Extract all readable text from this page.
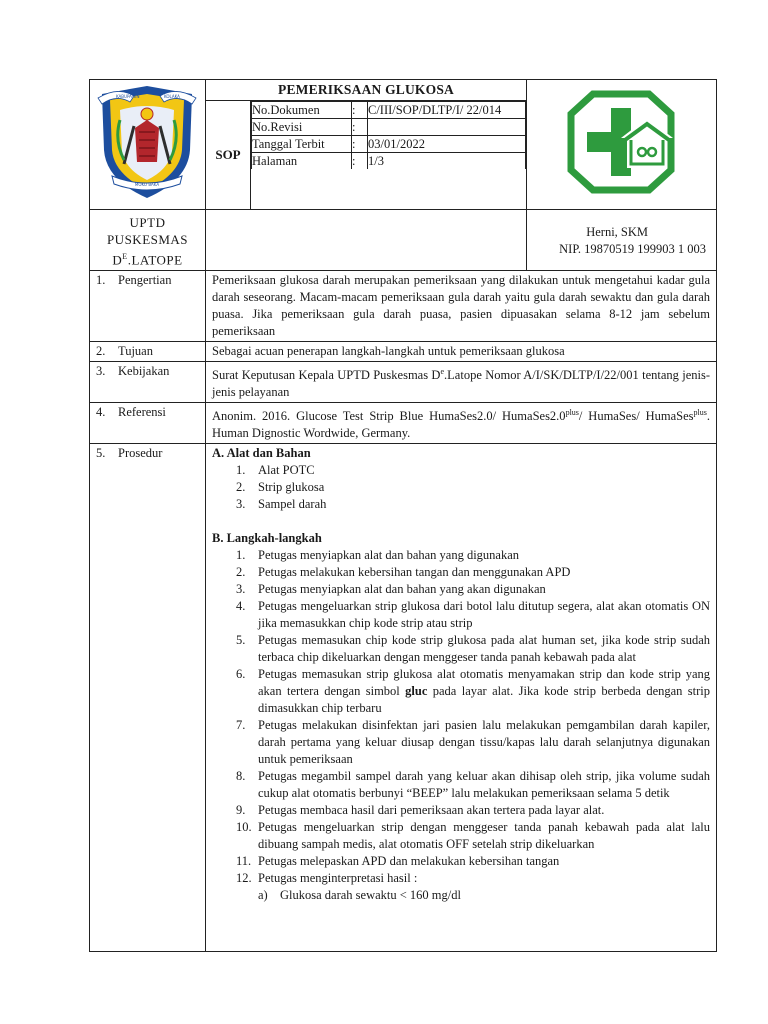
KABUPATEN	KOLAKA
MOKO BAKA
	PEMERIKSAAN GLUKOSA	
SOP	
No.Dokumen	:	C/III/SOP/DLTP/I/ 22/014
No.Revisi	:	
Tanggal Terbit	:	03/01/2022
Halaman	:	1/3

UPTD
PUSKESMAS
$D^E.LATOPE$

Herni, SKM
NIP. 19870519 199903 1 003

1. Pengertian	Pemeriksaan glukosa darah merupakan pemeriksaan yang dilakukan untuk mengetahui kadar gula darah seseorang. Macam-macam pemeriksaan gula darah yaitu gula darah sewaktu dan gula darah puasa. Jika pemeriksaan gula darah puasa, pasien dipuasakan selama 8-12 jam sebelum pemeriksaan
2. Tujuan	Sebagai acuan penerapan langkah-langkah untuk pemeriksaan glukosa
3. Kebijakan	Surat Keputusan Kepala UPTD Puskesmas De.Latope Nomor A/I/SK/DLTP/I/22/001 tentang jenis-jenis pelayanan
4. Referensi	Anonim. 2016. Glucose Test Strip Blue HumaSes2.0/ $HumaSes2.0^{plus}/$ HumaSes/ HumaSes$^{plus}$. Human Dignostic Wordwide, Germany.
5. Prosedur	A. Alat dan Bahan
1.	Alat POTC
2.	Strip glukosa
3.	Sampel darah
B. Langkah-langkah
1.	Petugas menyiapkan alat dan bahan yang digunakan
2.	Petugas melakukan kebersihan tangan dan menggunakan APD
3.	Petugas menyiapkan alat dan bahan yang akan digunakan
4.	Petugas mengeluarkan strip glukosa dari botol lalu ditutup segera, alat akan otomatis ON jika memasukkan chip kode strip atau strip
5.	Petugas memasukan chip kode strip glukosa pada alat human set, jika kode strip sudah terbaca chip dikeluarkan dengan menggeser tanda panah kebawah pada alat
6.	Petugas memasukan strip glukosa alat otomatis menyamakan strip dan kode strip yang akan tertera dengan simbol gluc pada layar alat. Jika kode strip berbeda dengan strip dimasukkan chip terbaru
7.	Petugas melakukan disinfektan jari pasien lalu melakukan pemgambilan darah kapiler, darah pertama yang keluar diusap dengan tissu/kapas lalu darah selanjutnya digunakan untuk pemeriksaan
8.	Petugas megambil sampel darah yang keluar akan dihisap oleh strip, jika volume sudah cukup alat otomatis berbunyi “BEEP” lalu melakukan pemeriksaan selama 5 detik
9.	Petugas membaca hasil dari pemeriksaan akan tertera pada layar alat.
10. Petugas mengeluarkan strip dengan menggeser tanda panah kebawah pada alat lalu dibuang sampah medis, alat otomatis OFF setelah strip dikeluarkan
11. Petugas melepaskan APD dan melakukan kebersihan tangan
12. Petugas menginterpretasi hasil :
a) Glukosa darah sewaktu < 160 mg/dl
